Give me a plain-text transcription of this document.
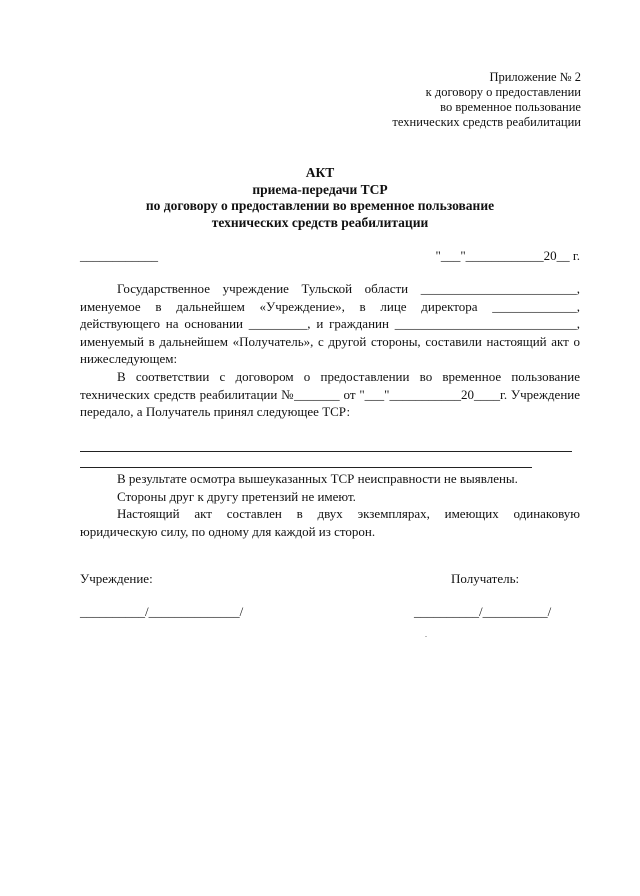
Приложение № 2
к договору о предоставлении
во временное пользование
технических средств реабилитации
АКТ
приема-передачи ТСР
по договору о предоставлении во временное пользование
технических средств реабилитации
____________	"___"____________20__ г.
Государственное учреждение Тульской области ________________________, именуемое в дальнейшем «Учреждение», в лице директора _____________, действующего на основании _________, и гражданин ____________________________, именуемый в дальнейшем «Получатель», с другой стороны, составили настоящий акт о нижеследующем:
В соответствии с договором о предоставлении во временное пользование технических средств реабилитации №_______ от "___"___________20____г. Учреждение передало, а Получатель принял следующее ТСР:
В результате осмотра вышеуказанных ТСР неисправности не выявлены.
Стороны друг к другу претензий не имеют.
Настоящий акт составлен в двух экземплярах, имеющих одинаковую юридическую силу, по одному для каждой из сторон.
Учреждение:	Получатель:
__________/______________/	__________/__________/
